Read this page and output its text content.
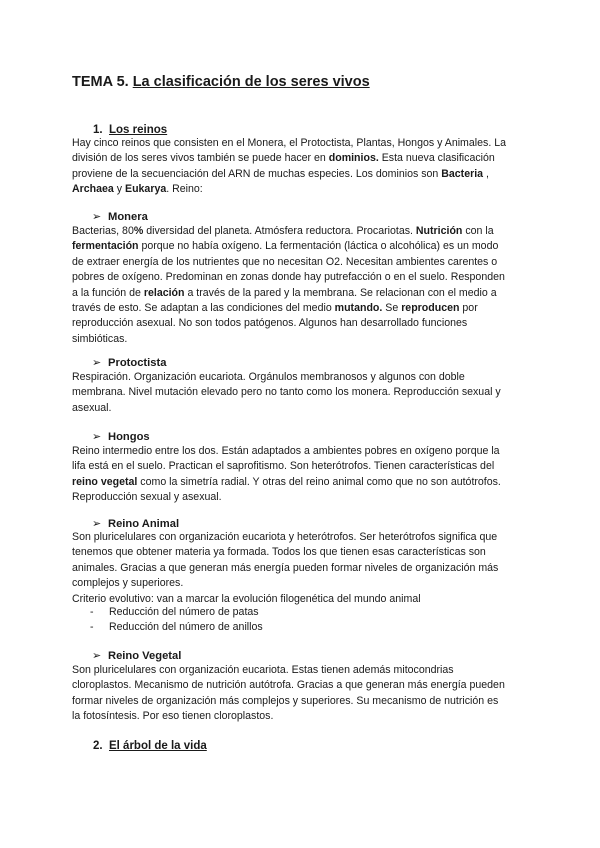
TEMA 5. La clasificación de los seres vivos
1. Los reinos
Hay cinco reinos que consisten en el Monera, el Protoctista, Plantas, Hongos y Animales. La
división de los seres vivos también se puede hacer en dominios. Esta nueva clasificación
proviene de la secuenciación del ARN de muchas especies. Los dominios son Bacteria ,
Archaea y Eukarya. Reino:
➢ Monera
Bacterias, 80% diversidad del planeta. Atmósfera reductora. Procariotas. Nutrición con la
fermentación porque no había oxígeno. La fermentación (láctica o alcohólica) es un modo
de extraer energía de los nutrientes que no necesitan O2. Necesitan ambientes carentes o
pobres de oxígeno. Predominan en zonas donde hay putrefacción o en el suelo. Responden
a la función de relación a través de la pared y la membrana. Se relacionan con el medio a
través de esto. Se adaptan a las condiciones del medio mutando. Se reproducen por
reproducción asexual. No son todos patógenos. Algunos han desarrollado funciones
simbióticas.
➢ Protoctista
Respiración. Organización eucariota. Orgánulos membranosos y algunos con doble
membrana. Nivel mutación elevado pero no tanto como los monera. Reproducción sexual y
asexual.
➢ Hongos
Reino intermedio entre los dos. Están adaptados a ambientes pobres en oxígeno porque la
lifa está en el suelo. Practican el saprofitismo. Son heterótrofos. Tienen características del
reino vegetal como la simetría radial. Y otras del reino animal como que no son autótrofos.
Reproducción sexual y asexual.
➢ Reino Animal
Son pluricelulares con organización eucariota y heterótrofos. Ser heterótrofos significa que
tenemos que obtener materia ya formada. Todos los que tienen esas características son
animales. Gracias a que generan más energía pueden formar niveles de organización más
complejos y superiores.
Criterio evolutivo: van a marcar la evolución filogenética del mundo animal
- Reducción del número de patas
- Reducción del número de anillos
➢ Reino Vegetal
Son pluricelulares con organización eucariota. Estas tienen además mitocondrias
cloroplastos. Mecanismo de nutrición autótrofa. Gracias a que generan más energía pueden
formar niveles de organización más complejos y superiores. Su mecanismo de nutrición es
la fotosíntesis. Por eso tienen cloroplastos.
2. El árbol de la vida
